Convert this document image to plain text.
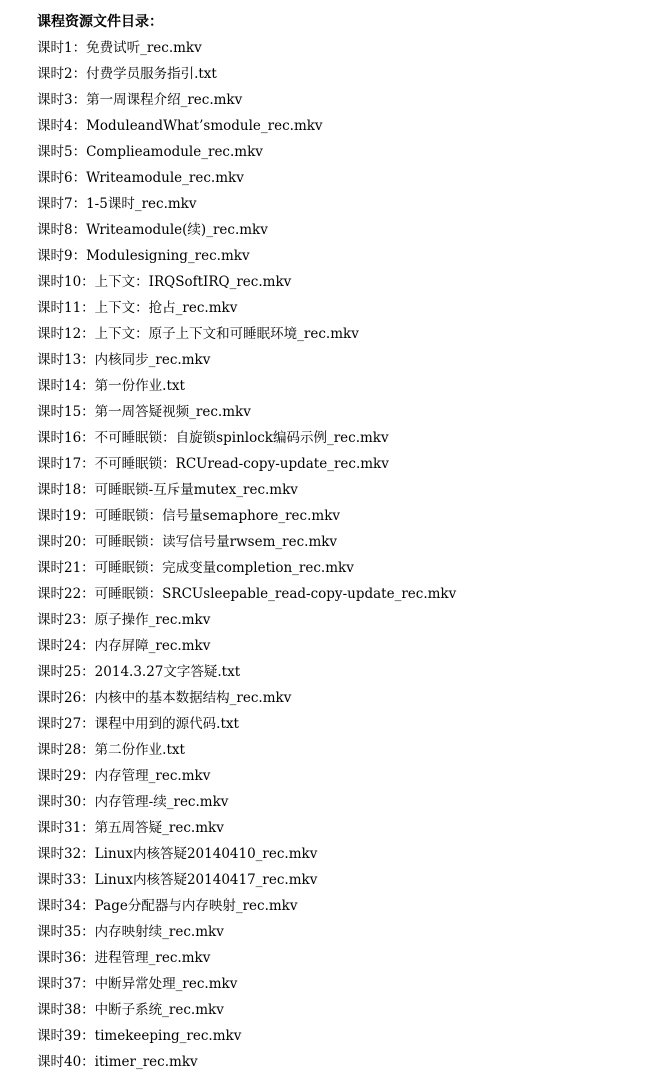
课程资源文件目录：
课时1：免费试听_rec.mkv
课时2：付费学员服务指引.txt
课时3：第一周课程介绍_rec.mkv
课时4：ModuleandWhat’smodule_rec.mkv
课时5：Complieamodule_rec.mkv
课时6：Writeamodule_rec.mkv
课时7：1-5课时_rec.mkv
课时8：Writeamodule(续)_rec.mkv
课时9：Modulesigning_rec.mkv
课时10：上下文：IRQSoftIRQ_rec.mkv
课时11：上下文：抢占_rec.mkv
课时12：上下文：原子上下文和可睡眠环境_rec.mkv
课时13：内核同步_rec.mkv
课时14：第一份作业.txt
课时15：第一周答疑视频_rec.mkv
课时16：不可睡眠锁：自旋锁spinlock编码示例_rec.mkv
课时17：不可睡眠锁：RCUread-copy-update_rec.mkv
课时18：可睡眠锁-互斥量mutex_rec.mkv
课时19：可睡眠锁：信号量semaphore_rec.mkv
课时20：可睡眠锁：读写信号量rwsem_rec.mkv
课时21：可睡眠锁：完成变量completion_rec.mkv
课时22：可睡眠锁：SRCUsleepable_read-copy-update_rec.mkv
课时23：原子操作_rec.mkv
课时24：内存屏障_rec.mkv
课时25：2014.3.27文字答疑.txt
课时26：内核中的基本数据结构_rec.mkv
课时27：课程中用到的源代码.txt
课时28：第二份作业.txt
课时29：内存管理_rec.mkv
课时30：内存管理-续_rec.mkv
课时31：第五周答疑_rec.mkv
课时32：Linux内核答疑20140410_rec.mkv
课时33：Linux内核答疑20140417_rec.mkv
课时34：Page分配器与内存映射_rec.mkv
课时35：内存映射续_rec.mkv
课时36：进程管理_rec.mkv
课时37：中断异常处理_rec.mkv
课时38：中断子系统_rec.mkv
课时39：timekeeping_rec.mkv
课时40：itimer_rec.mkv
